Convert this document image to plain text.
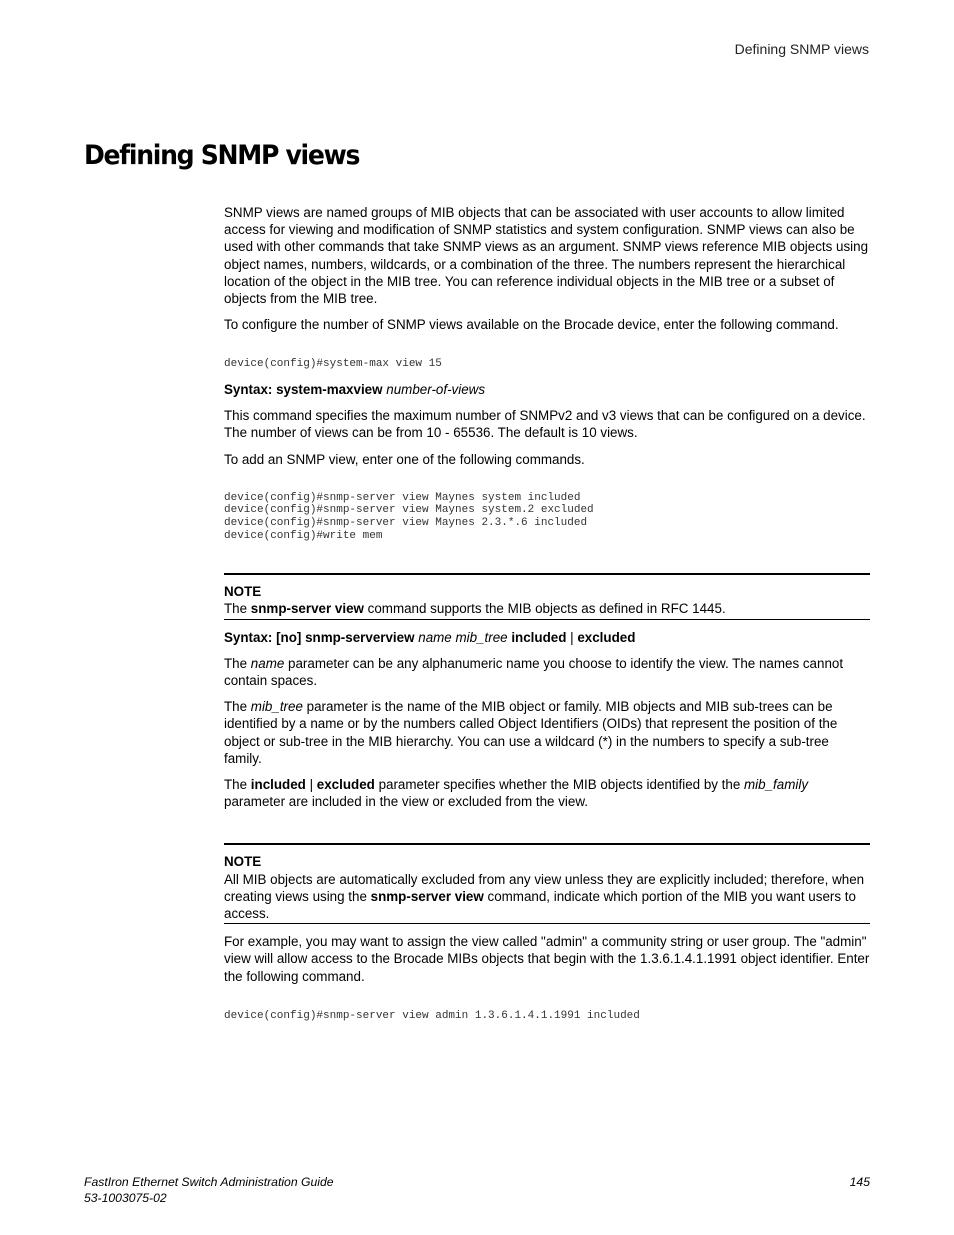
Defining SNMP views
Defining SNMP views

SNMP views are named groups of MIB objects that can be associated with user accounts to allow limited access for viewing and modification of SNMP statistics and system configuration. SNMP views can also be used with other commands that take SNMP views as an argument. SNMP views reference MIB objects using object names, numbers, wildcards, or a combination of the three. The numbers represent the hierarchical location of the object in the MIB tree. You can reference individual objects in the MIB tree or a subset of objects from the MIB tree.

To configure the number of SNMP views available on the Brocade device, enter the following command.

device(config)#system-max view 15

Syntax: system-maxview number-of-views

This command specifies the maximum number of SNMPv2 and v3 views that can be configured on a device. The number of views can be from 10 - 65536. The default is 10 views.

To add an SNMP view, enter one of the following commands.

device(config)#snmp-server view Maynes system included
device(config)#snmp-server view Maynes system.2 excluded
device(config)#snmp-server view Maynes 2.3.*.6 included
device(config)#write mem
NOTE
The snmp-server view command supports the MIB objects as defined in RFC 1445.

Syntax: [no] snmp-serverview name mib_tree included | excluded

The name parameter can be any alphanumeric name you choose to identify the view. The names cannot contain spaces.

The mib_tree parameter is the name of the MIB object or family. MIB objects and MIB sub-trees can be identified by a name or by the numbers called Object Identifiers (OIDs) that represent the position of the object or sub-tree in the MIB hierarchy. You can use a wildcard (*) in the numbers to specify a sub-tree family.

The included | excluded parameter specifies whether the MIB objects identified by the mib_family parameter are included in the view or excluded from the view.

NOTE
All MIB objects are automatically excluded from any view unless they are explicitly included; therefore, when creating views using the snmp-server view command, indicate which portion of the MIB you want users to access.

For example, you may want to assign the view called "admin" a community string or user group. The "admin" view will allow access to the Brocade MIBs objects that begin with the 1.3.6.1.4.1.1991 object identifier. Enter the following command.

device(config)#snmp-server view admin 1.3.6.1.4.1.1991 included
FastIron Ethernet Switch Administration Guide
53-1003075-02
145
